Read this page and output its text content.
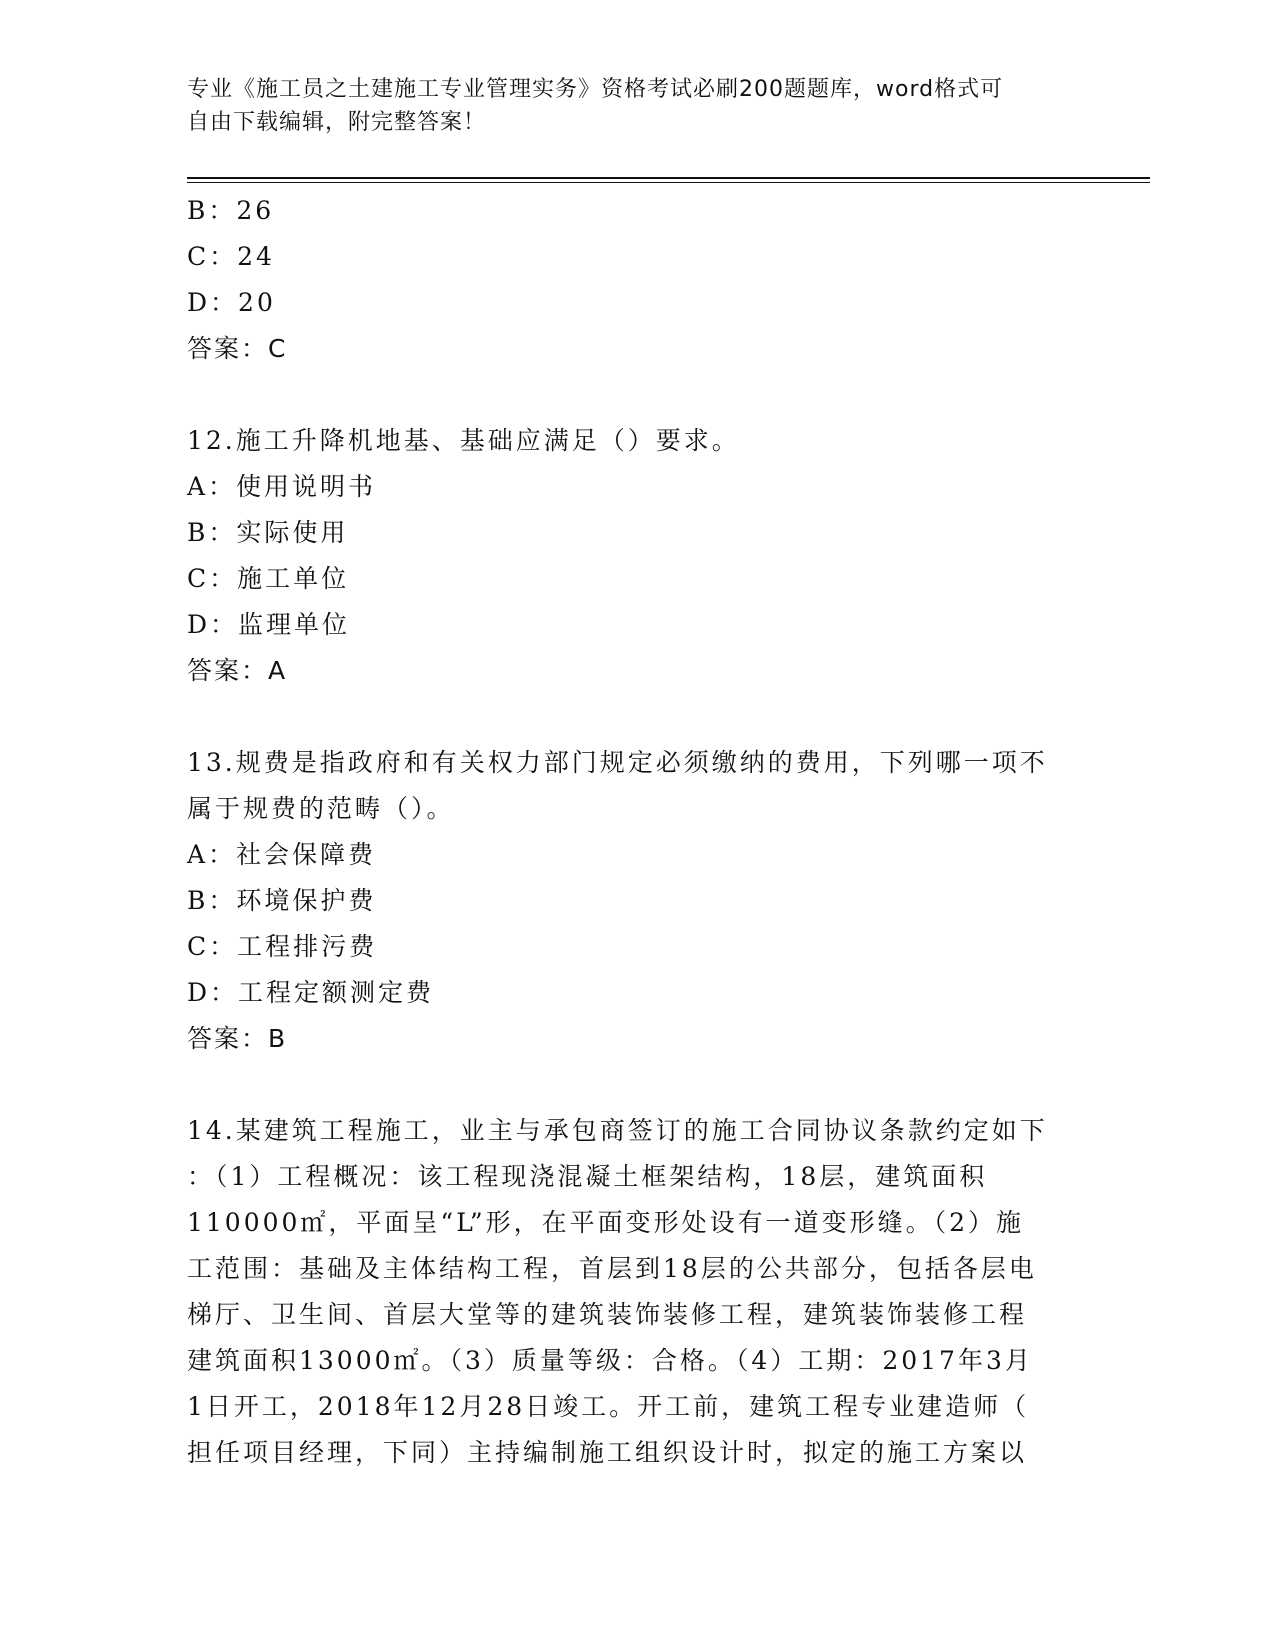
专业《施工员之土建施工专业管理实务》资格考试必刷200题题库，word格式可
自由下载编辑，附完整答案！
B：26
C：24
D：20
答案：C
12.施工升降机地基、基础应满足（）要求。
A：使用说明书
B：实际使用
C：施工单位
D：监理单位
答案：A
13.规费是指政府和有关权力部门规定必须缴纳的费用，下列哪一项不
属于规费的范畴（）。
A：社会保障费
B：环境保护费
C：工程排污费
D：工程定额测定费
答案：B
14.某建筑工程施工，业主与承包商签订的施工合同协议条款约定如下
：（1）工程概况：该工程现浇混凝土框架结构，18层，建筑面积
110000㎡，平面呈“L”形，在平面变形处设有一道变形缝。（2）施
工范围：基础及主体结构工程，首层到18层的公共部分，包括各层电
梯厅、卫生间、首层大堂等的建筑装饰装修工程，建筑装饰装修工程
建筑面积13000㎡。（3）质量等级：合格。（4）工期：2017年3月
1日开工，2018年12月28日竣工。开工前，建筑工程专业建造师（
担任项目经理，下同）主持编制施工组织设计时，拟定的施工方案以
